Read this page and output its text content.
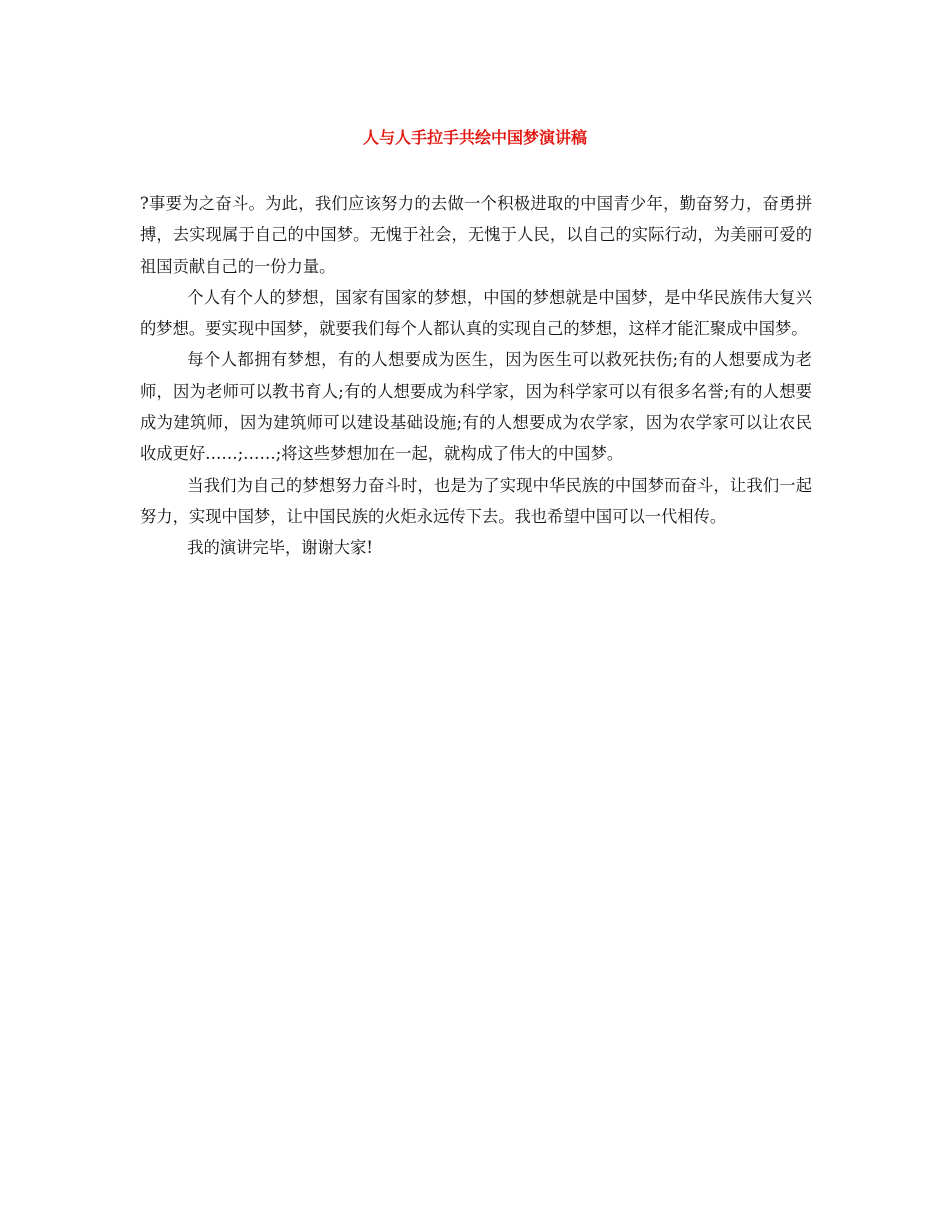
人与人手拉手共绘中国梦演讲稿

?事要为之奋斗。为此，我们应该努力的去做一个积极进取的中国青少年，勤奋努力，奋勇拼搏，去实现属于自己的中国梦。无愧于社会，无愧于人民，以自己的实际行动，为美丽可爱的祖国贡献自己的一份力量。

个人有个人的梦想，国家有国家的梦想，中国的梦想就是中国梦，是中华民族伟大复兴的梦想。要实现中国梦，就要我们每个人都认真的实现自己的梦想，这样才能汇聚成中国梦。

每个人都拥有梦想，有的人想要成为医生，因为医生可以救死扶伤;有的人想要成为老师，因为老师可以教书育人;有的人想要成为科学家，因为科学家可以有很多名誉;有的人想要成为建筑师，因为建筑师可以建设基础设施;有的人想要成为农学家，因为农学家可以让农民收成更好……;……;将这些梦想加在一起，就构成了伟大的中国梦。

当我们为自己的梦想努力奋斗时，也是为了实现中华民族的中国梦而奋斗，让我们一起努力，实现中国梦，让中国民族的火炬永远传下去。我也希望中国可以一代相传。

我的演讲完毕，谢谢大家!
